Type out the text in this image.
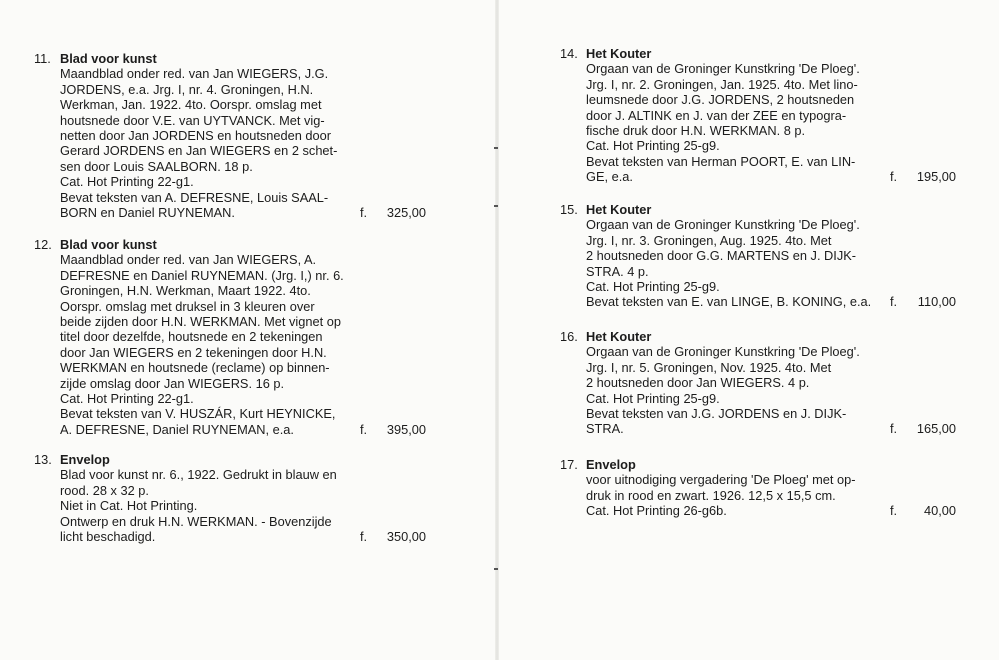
11. Blad voor kunst
Maandblad onder red. van Jan WIEGERS, J.G.
JORDENS, e.a. Jrg. I, nr. 4. Groningen, H.N.
Werkman, Jan. 1922. 4to. Oorspr. omslag met
houtsnede door V.E. van UYTVANCK. Met vig-
netten door Jan JORDENS en houtsneden door
Gerard JORDENS en Jan WIEGERS en 2 schet-
sen door Louis SAALBORN. 18 p.
Cat. Hot Printing 22-g1.
Bevat teksten van A. DEFRESNE, Louis SAAL-
BORN en Daniel RUYNEMAN.	f. 325,00
12. Blad voor kunst
Maandblad onder red. van Jan WIEGERS, A.
DEFRESNE en Daniel RUYNEMAN. (Jrg. I,) nr. 6.
Groningen, H.N. Werkman, Maart 1922. 4to.
Oorspr. omslag met druksel in 3 kleuren over
beide zijden door H.N. WERKMAN. Met vignet op
titel door dezelfde, houtsnede en 2 tekeningen
door Jan WIEGERS en 2 tekeningen door H.N.
WERKMAN en houtsnede (reclame) op binnen-
zijde omslag door Jan WIEGERS. 16 p.
Cat. Hot Printing 22-g1.
Bevat teksten van V. HUSZÁR, Kurt HEYNICKE,
A. DEFRESNE, Daniel RUYNEMAN, e.a.	f. 395,00
13. Envelop
Blad voor kunst nr. 6., 1922. Gedrukt in blauw en
rood. 28 x 32 p.
Niet in Cat. Hot Printing.
Ontwerp en druk H.N. WERKMAN. - Bovenzijde
licht beschadigd.	f. 350,00
14. Het Kouter
Orgaan van de Groninger Kunstkring 'De Ploeg'.
Jrg. I, nr. 2. Groningen, Jan. 1925. 4to. Met lino-
leumsnede door J.G. JORDENS, 2 houtsneden
door J. ALTINK en J. van der ZEE en typogra-
fische druk door H.N. WERKMAN. 8 p.
Cat. Hot Printing 25-g9.
Bevat teksten van Herman POORT, E. van LIN-
GE, e.a.	f. 195,00
15. Het Kouter
Orgaan van de Groninger Kunstkring 'De Ploeg'.
Jrg. I, nr. 3. Groningen, Aug. 1925. 4to. Met
2 houtsneden door G.G. MARTENS en J. DIJK-
STRA. 4 p.
Cat. Hot Printing 25-g9.
Bevat teksten van E. van LINGE, B. KONING, e.a. f. 110,00
16. Het Kouter
Orgaan van de Groninger Kunstkring 'De Ploeg'.
Jrg. I, nr. 5. Groningen, Nov. 1925. 4to. Met
2 houtsneden door Jan WIEGERS. 4 p.
Cat. Hot Printing 25-g9.
Bevat teksten van J.G. JORDENS en J. DIJK-
STRA.	f. 165,00
17. Envelop
voor uitnodiging vergadering 'De Ploeg' met op-
druk in rood en zwart. 1926. 12,5 x 15,5 cm.
Cat. Hot Printing 26-g6b.	f. 40,00
